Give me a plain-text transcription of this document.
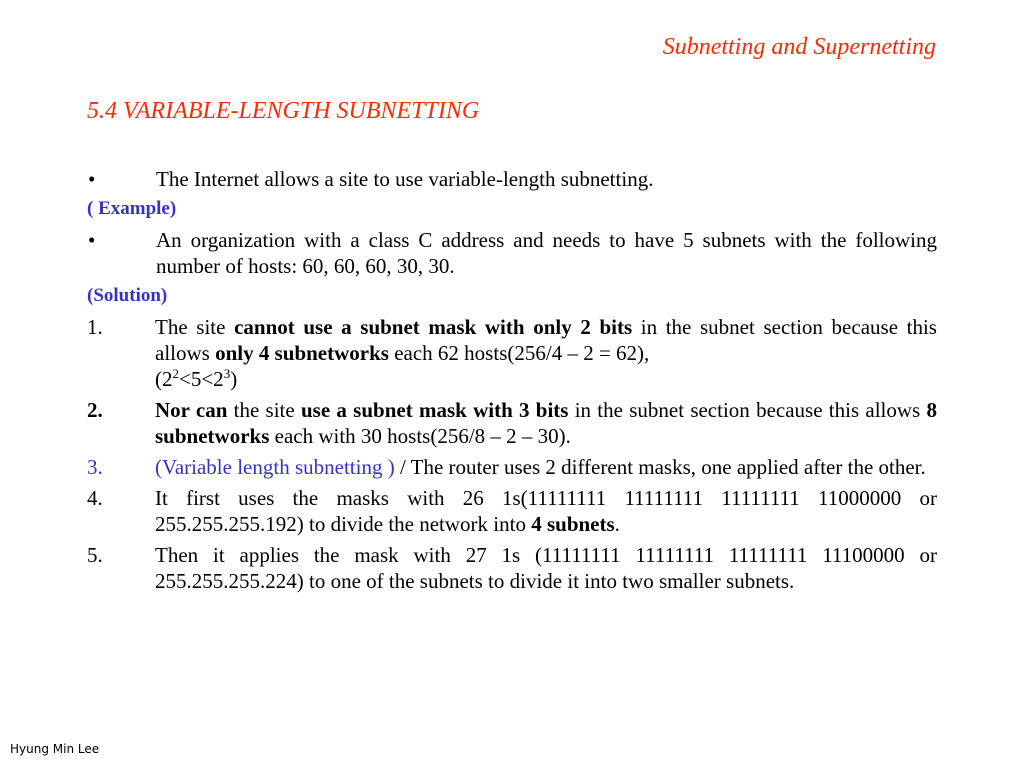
Subnetting and Supernetting
5.4 VARIABLE-LENGTH SUBNETTING
•	The Internet allows a site to use variable-length subnetting.
( Example)
•	An organization with a class C address and needs to have 5 subnets with the following number of hosts: 60, 60, 60, 30, 30.
(Solution)
1.	The site cannot use a subnet mask with only 2 bits in the subnet section because this allows only 4 subnetworks each 62 hosts(256/4 – 2 = 62),
$(2^2<5<2^3)$
2.	Nor can the site use a subnet mask with 3 bits in the subnet section because this allows 8 subnetworks each with 30 hosts(256/8 – 2 – 30).
3.	(Variable length subnetting ) / The router uses 2 different masks, one applied after the other.
4.	It first uses the masks with 26 1s(11111111 11111111 11111111 11000000 or 255.255.255.192) to divide the network into 4 subnets.
5.	Then it applies the mask with 27 1s (11111111 11111111 11111111 11100000 or 255.255.255.224) to one of the subnets to divide it into two smaller subnets.
Hyung Min Lee
